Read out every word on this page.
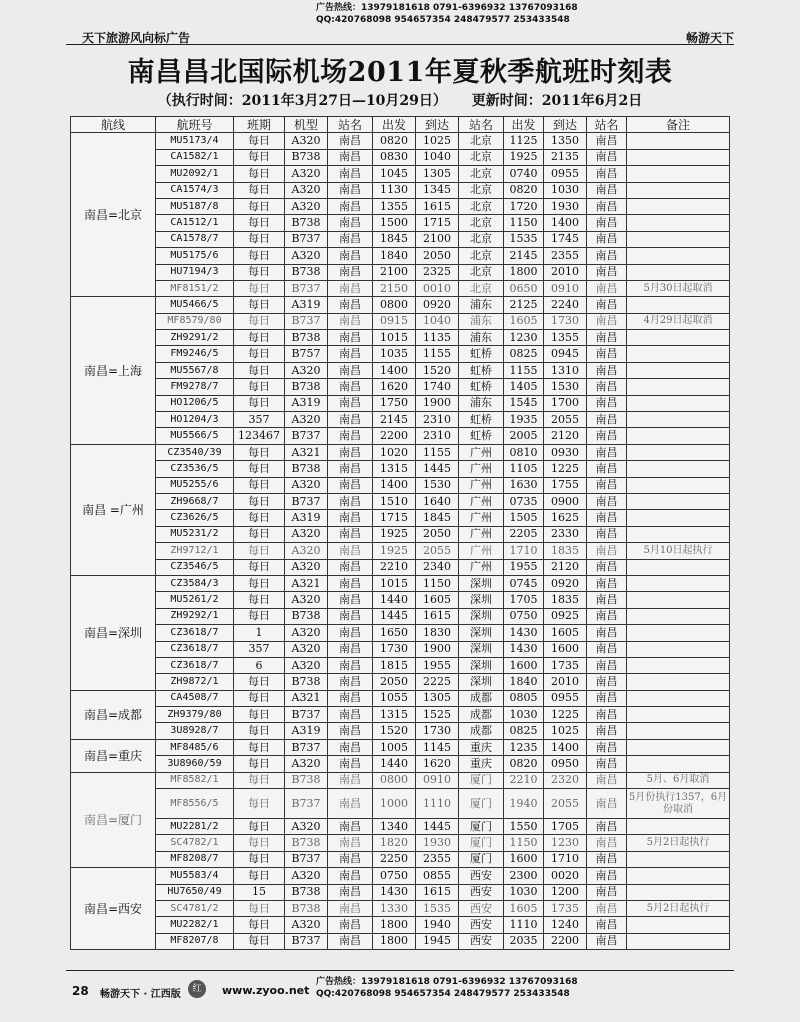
天下旅游风向标广告
广告热线：13979181618 0791-6396932 13767093168
QQ:420768098 954657354 248479577 253433548
畅游天下
南昌昌北国际机场2011年夏秋季航班时刻表
（执行时间：2011年3月27日—10月29日） 更新时间：2011年6月2日
航线	航班号	班期	机型	站名	出发	到达	站名	出发	到达	站名	备注
南昌=北京	MU5173/4	每日	A320	南昌	0820	1025	北京	1125	1350	南昌	
	CA1582/1	每日	B738	南昌	0830	1040	北京	1925	2135	南昌	
	MU2092/1	每日	A320	南昌	1045	1305	北京	0740	0955	南昌	
	CA1574/3	每日	A320	南昌	1130	1345	北京	0820	1030	南昌	
	MU5187/8	每日	A320	南昌	1355	1615	北京	1720	1930	南昌	
	CA1512/1	每日	B738	南昌	1500	1715	北京	1150	1400	南昌	
	CA1578/7	每日	B737	南昌	1845	2100	北京	1535	1745	南昌	
	MU5175/6	每日	A320	南昌	1840	2050	北京	2145	2355	南昌	
	HU7194/3	每日	B738	南昌	2100	2325	北京	1800	2010	南昌	
	MF8151/2	每日	B737	南昌	2150	0010	北京	0650	0910	南昌	5月30日起取消
南昌=上海	MU5466/5	每日	A319	南昌	0800	0920	浦东	2125	2240	南昌	
	MF8579/80	每日	B737	南昌	0915	1040	浦东	1605	1730	南昌	4月29日起取消
	ZH9291/2	每日	B738	南昌	1015	1135	浦东	1230	1355	南昌	
	FM9246/5	每日	B757	南昌	1035	1155	虹桥	0825	0945	南昌	
	MU5567/8	每日	A320	南昌	1400	1520	虹桥	1155	1310	南昌	
	FM9278/7	每日	B738	南昌	1620	1740	虹桥	1405	1530	南昌	
	HO1206/5	每日	A319	南昌	1750	1900	浦东	1545	1700	南昌	
	HO1204/3	357	A320	南昌	2145	2310	虹桥	1935	2055	南昌	
	MU5566/5	123467	B737	南昌	2200	2310	虹桥	2005	2120	南昌	
南昌 =广州	CZ3540/39	每日	A321	南昌	1020	1155	广州	0810	0930	南昌	
	CZ3536/5	每日	B738	南昌	1315	1445	广州	1105	1225	南昌	
	MU5255/6	每日	A320	南昌	1400	1530	广州	1630	1755	南昌	
	ZH9668/7	每日	B737	南昌	1510	1640	广州	0735	0900	南昌	
	CZ3626/5	每日	A319	南昌	1715	1845	广州	1505	1625	南昌	
	MU5231/2	每日	A320	南昌	1925	2050	广州	2205	2330	南昌	
	ZH9712/1	每日	A320	南昌	1925	2055	广州	1710	1835	南昌	5月10日起执行
	CZ3546/5	每日	A320	南昌	2210	2340	广州	1955	2120	南昌	
南昌=深圳	CZ3584/3	每日	A321	南昌	1015	1150	深圳	0745	0920	南昌	
	MU5261/2	每日	A320	南昌	1440	1605	深圳	1705	1835	南昌	
	ZH9292/1	每日	B738	南昌	1445	1615	深圳	0750	0925	南昌	
	CZ3618/7	1	A320	南昌	1650	1830	深圳	1430	1605	南昌	
	CZ3618/7	357	A320	南昌	1730	1900	深圳	1430	1600	南昌	
	CZ3618/7	6	A320	南昌	1815	1955	深圳	1600	1735	南昌	
	ZH9872/1	每日	B738	南昌	2050	2225	深圳	1840	2010	南昌	
南昌=成都	CA4508/7	每日	A321	南昌	1055	1305	成都	0805	0955	南昌	
	ZH9379/80	每日	B737	南昌	1315	1525	成都	1030	1225	南昌	
	3U8928/7	每日	A319	南昌	1520	1730	成都	0825	1025	南昌	
南昌=重庆	MF8485/6	每日	B737	南昌	1005	1145	重庆	1235	1400	南昌	
	3U8960/59	每日	A320	南昌	1440	1620	重庆	0820	0950	南昌	
南昌=厦门	MF8582/1	每日	B738	南昌	0800	0910	厦门	2210	2320	南昌	5月、6月取消
	MF8556/5	每日	B737	南昌	1000	1110	厦门	1940	2055	南昌	5月份执行1357，6月份取消
	MU2281/2	每日	A320	南昌	1340	1445	厦门	1550	1705	南昌	
	SC4782/1	每日	B738	南昌	1820	1930	厦门	1150	1230	南昌	5月2日起执行
	MF8208/7	每日	B737	南昌	2250	2355	厦门	1600	1710	南昌	
南昌=西安	MU5583/4	每日	A320	南昌	0750	0855	西安	2300	0020	南昌	
	HU7650/49	15	B738	南昌	1430	1615	西安	1030	1200	南昌	
	SC4781/2	每日	B738	南昌	1330	1535	西安	1605	1735	南昌	5月2日起执行
	MU2282/1	每日	A320	南昌	1800	1940	西安	1110	1240	南昌	
	MF8207/8	每日	B737	南昌	1800	1945	西安	2035	2200	南昌	
28 畅游天下 · 江西版	红	www.zyoo.net
广告热线：13979181618 0791-6396932 13767093168
QQ:420768098 954657354 248479577 253433548
